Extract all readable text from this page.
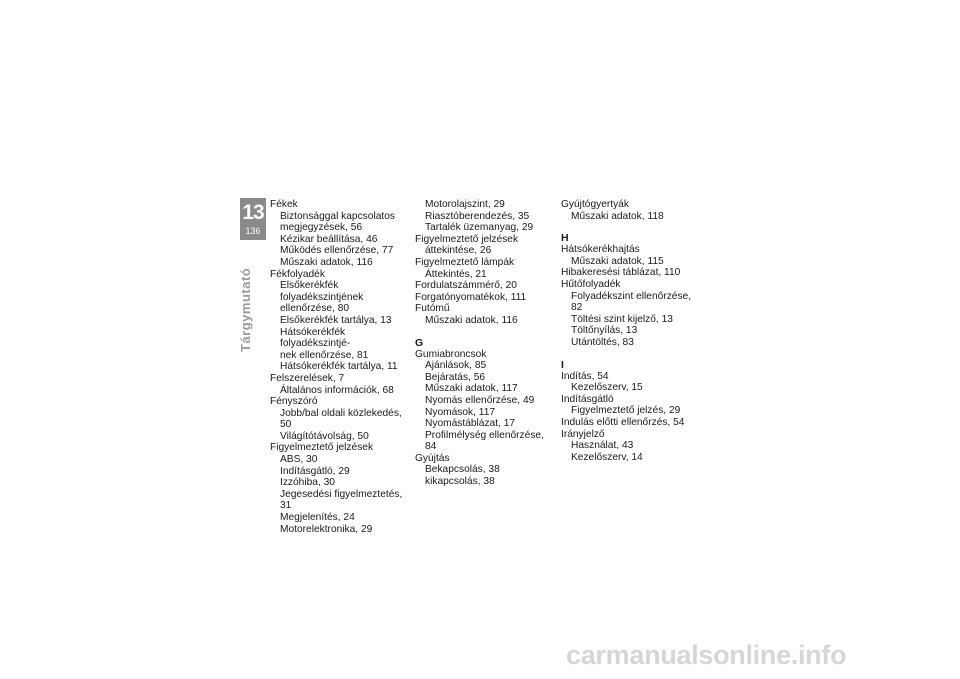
13
136
Tárgymutató
Fékek
Biztonsággal kapcsolatos
megjegyzések, 56
Kézikar beállítása, 46
Működés ellenőrzése, 77
Műszaki adatok, 116
Fékfolyadék
Elsőkerékfék folyadékszintjének
ellenőrzése, 80
Elsőkerékfék tartálya, 13
Hátsókerékfék folyadékszintjé-
nek ellenőrzése, 81
Hátsókerékfék tartálya, 11
Felszerelések, 7
Általános információk, 68
Fényszóró
Jobb/bal oldali közlekedés, 50
Világítótávolság, 50
Figyelmeztető jelzések
ABS, 30
Indításgátló, 29
Izzóhiba, 30
Jegesedési figyelmeztetés, 31
Megjelenítés, 24
Motorelektronika, 29
Motorolajszint, 29
Riasztóberendezés, 35
Tartalék üzemanyag, 29
Figyelmeztető jelzések
áttekintése, 26
Figyelmeztető lámpák
Áttekintés, 21
Fordulatszámmérő, 20
Forgatónyomatékok, 111
Futómű
Műszaki adatok, 116
G
Gumiabroncsok
Ajánlások, 85
Bejáratás, 56
Műszaki adatok, 117
Nyomás ellenőrzése, 49
Nyomások, 117
Nyomástáblázat, 17
Profilmélység ellenőrzése, 84
Gyújtás
Bekapcsolás, 38
kikapcsolás, 38
Gyújtógyertyák
Műszaki adatok, 118
H
Hátsókerékhajtás
Műszaki adatok, 115
Hibakeresési táblázat, 110
Hűtőfolyadék
Folyadékszint ellenőrzése, 82
Töltési szint kijelző, 13
Töltőnyílás, 13
Utántöltés, 83
I
Indítás, 54
Kezelőszerv, 15
Indításgátló
Figyelmeztető jelzés, 29
Indulás előtti ellenőrzés, 54
Irányjelző
Használat, 43
Kezelőszerv, 14
carmanualsonline.info
